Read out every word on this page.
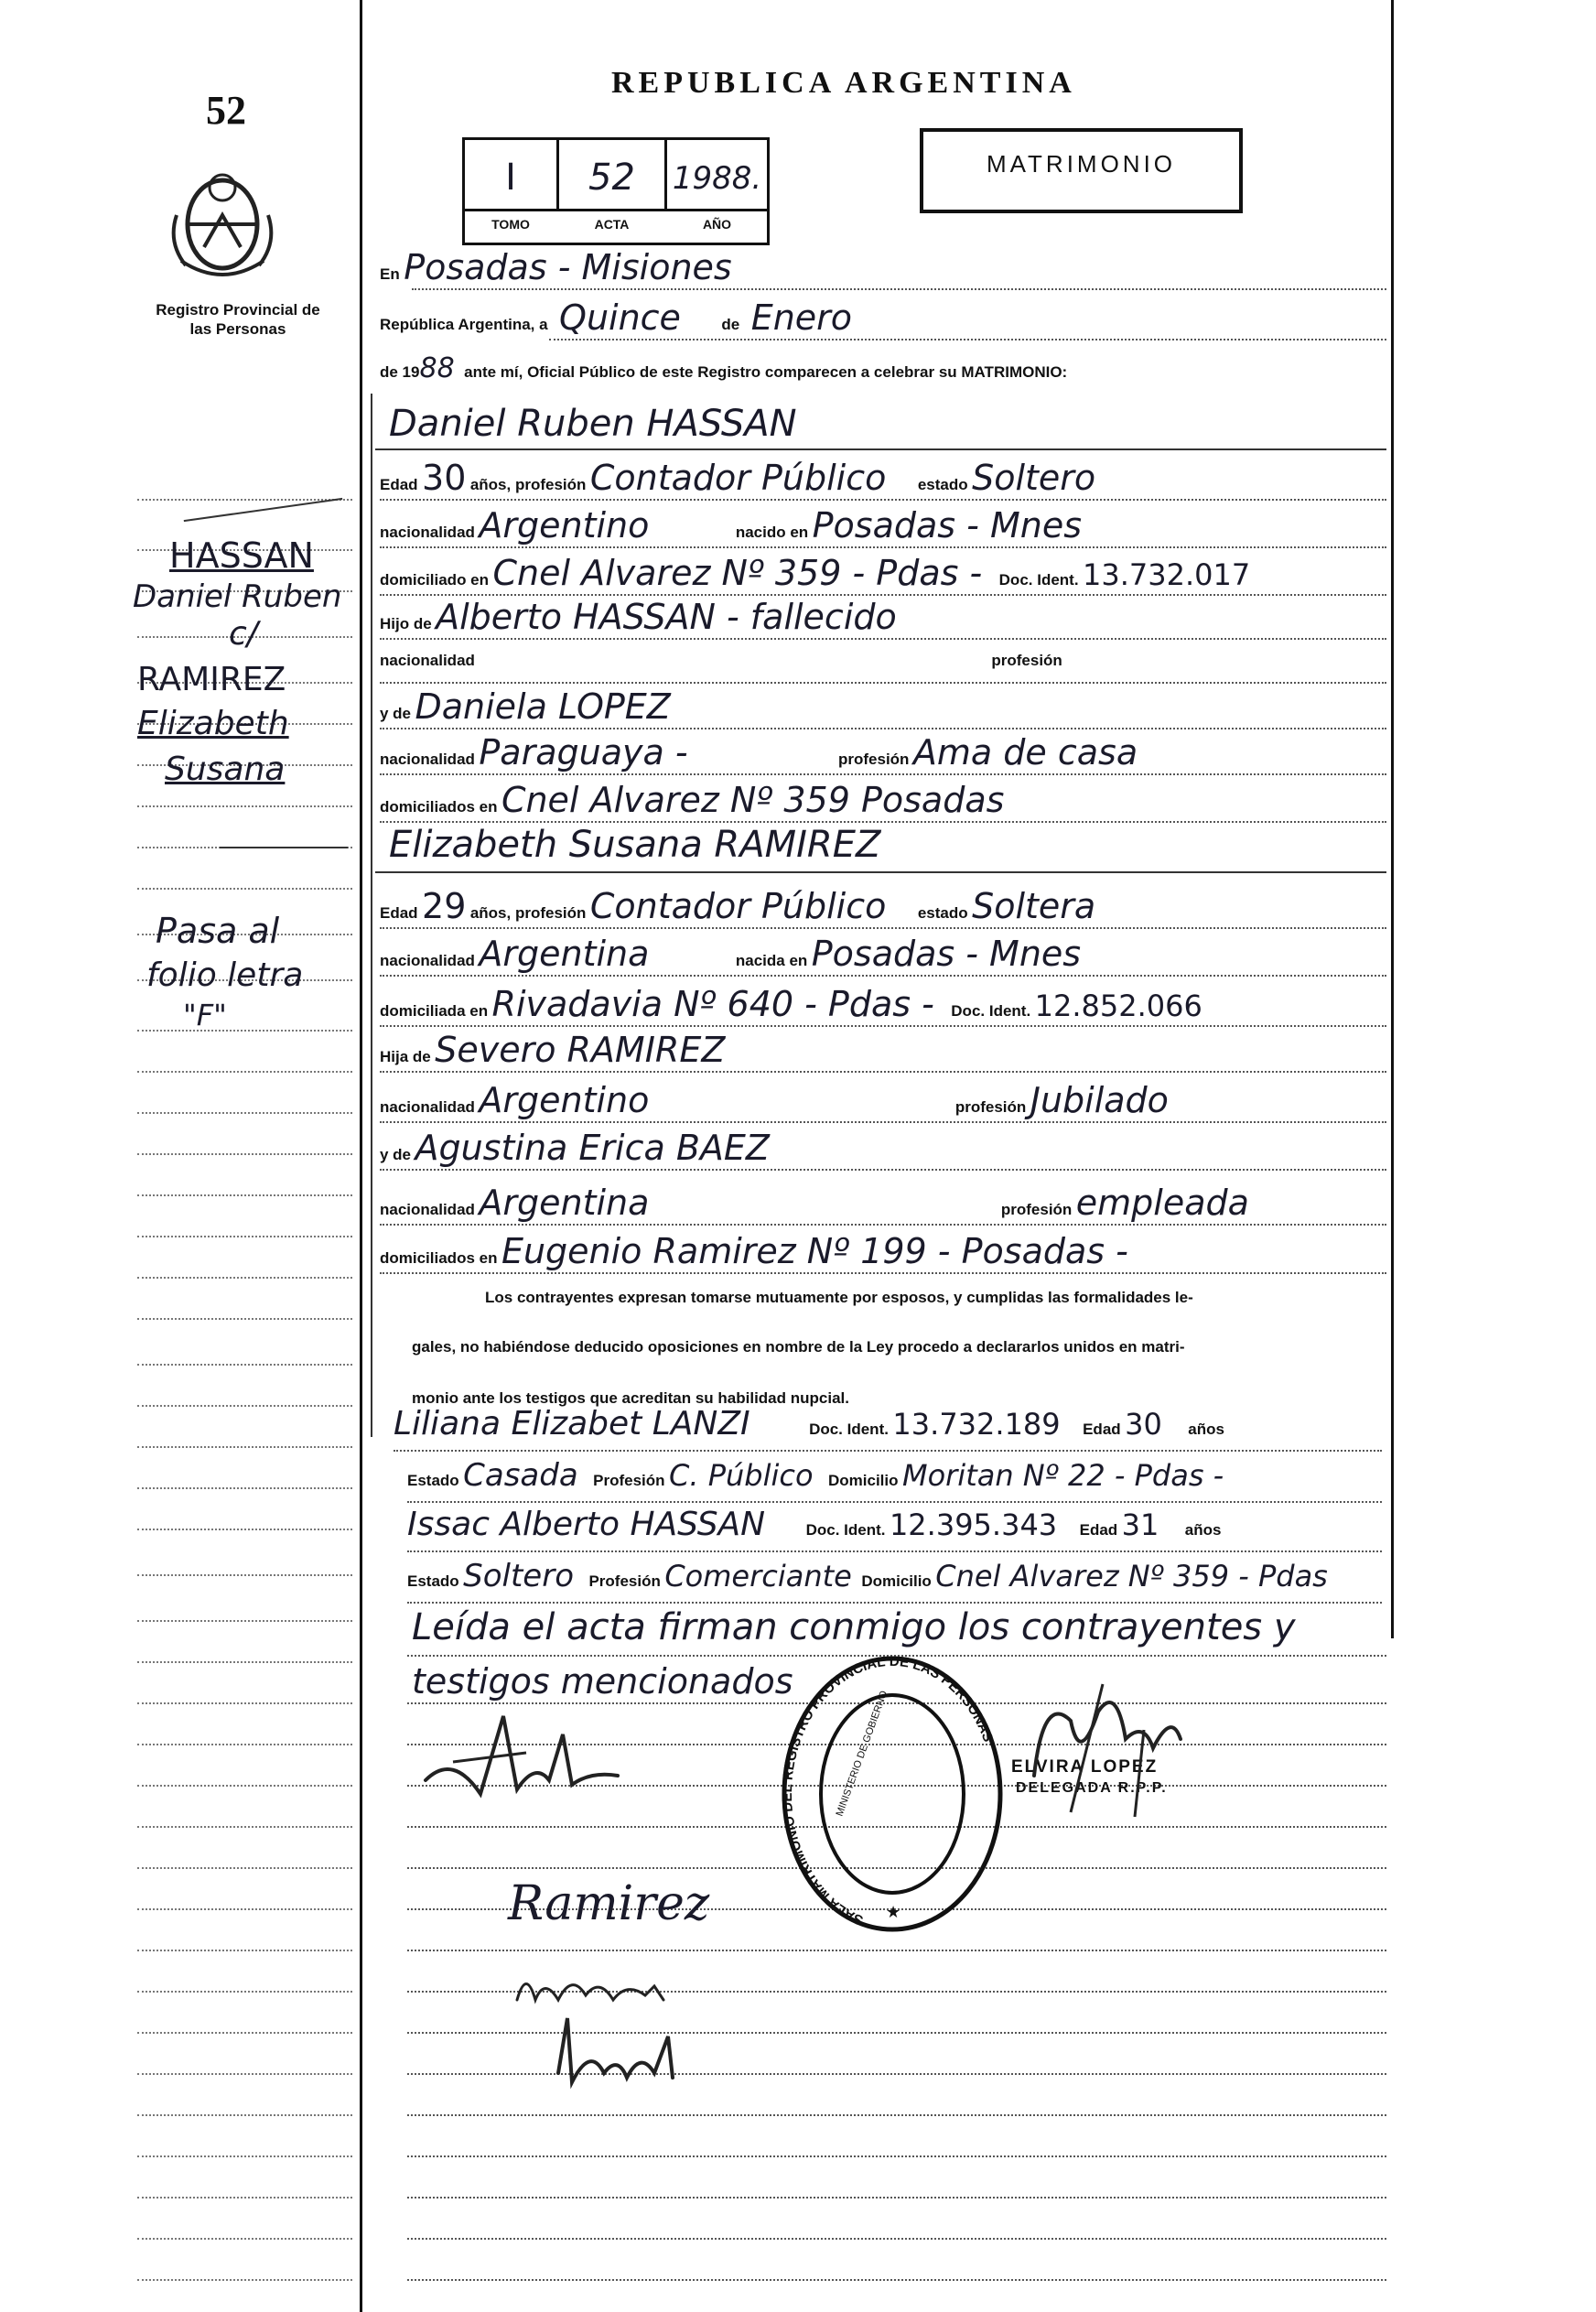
52
Registro Provincial de las Personas
REPUBLICA ARGENTINA
I	52	1988.
TOMO	ACTA	AÑO
MATRIMONIO
HASSAN
Daniel Ruben
c/
RAMIREZ
Elizabeth
Susana
Pasa al
folio letra
"F"
En Posadas - Misiones
República Argentina, a Quince	de Enero
de 1988 ante mí, Oficial Público de este Registro comparecen a celebrar su MATRIMONIO:
Daniel Ruben HASSAN
Edad 30 años, profesión Contador Público estado Soltero
nacionalidad Argentino	nacido en Posadas - Mnes
domiciliado en Cnel Alvarez Nº 359 - Pdas - Doc. Ident. 13.732.017
Hijo de Alberto HASSAN - fallecido
nacionalidad	profesión
y de Daniela LOPEZ
nacionalidad Paraguaya -	profesión Ama de casa
domiciliados en Cnel Alvarez Nº 359 Posadas
Elizabeth Susana RAMIREZ
Edad 29 años, profesión Contador Público estado Soltera
nacionalidad Argentina	nacida en Posadas - Mnes
domiciliada en Rivadavia Nº 640 - Pdas - Doc. Ident. 12.852.066
Hija de Severo RAMIREZ
nacionalidad Argentino	profesión Jubilado
y de Agustina Erica BAEZ
nacionalidad Argentina	profesión empleada
domiciliados en Eugenio Ramirez Nº 199 - Posadas -
Los contrayentes expresan tomarse mutuamente por esposos, y cumplidas las formalidades le-
gales, no habiéndose deducido oposiciones en nombre de la Ley procedo a declararlos unidos en matri-
monio ante los testigos que acreditan su habilidad nupcial.
Liliana Elizabet LANZI	Doc. Ident. 13.732.189 Edad 30 años
Estado Casada Profesión C. Público Domicilio Moritan Nº 22 - Pdas -
Issac Alberto HASSAN	Doc. Ident. 12.395.343 Edad 31 años
Estado Soltero Profesión Comerciante Domicilio Cnel Alvarez Nº 359 - Pdas
Leída el acta firman conmigo los contrayentes y
testigos mencionados
SALA MATRIMONIO DEL REGISTRO PROVINCIAL DE LAS PERSONAS
MINISTERIO DE GOBIERNO
★
ELVIRA LOPEZ
DELEGADA R.P.P.
Ramirez
